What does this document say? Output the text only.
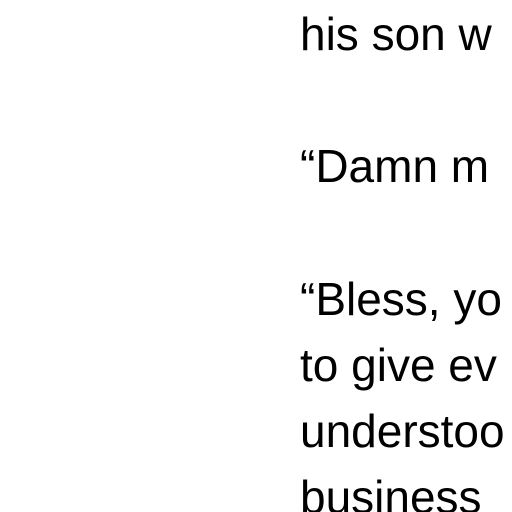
his son w
“Damn m
“Bless, yo
to give ev
understoo
business
